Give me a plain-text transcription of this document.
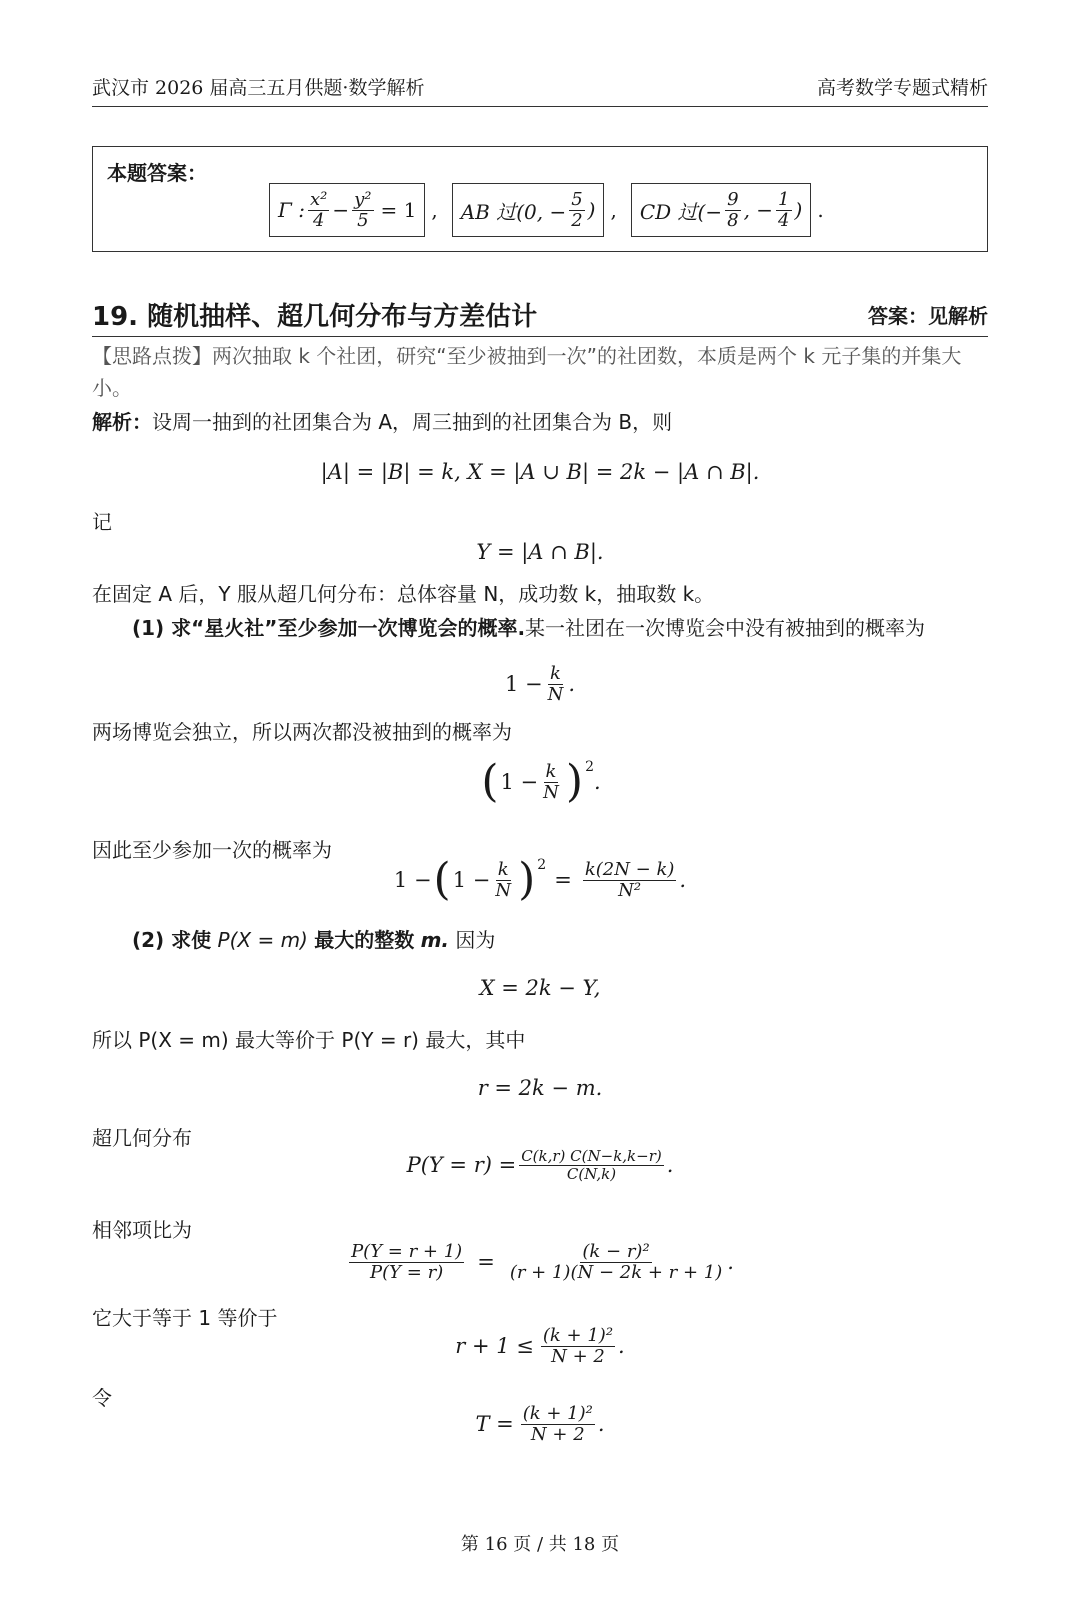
武汉市 2026 届高三五月供题·数学解析	高考数学专题式精析
本题答案：
Γ : $\frac{\text{x²}}{4} - \frac{\text{y²}}{5} = 1$ , AB 过(0, − $\frac{5}{2}$ ) , CD 过(− $\frac{9}{8}$ , − $\frac{1}{4}$ ) .
19. 随机抽样、超几何分布与方差估计	答案：见解析
【思路点拨】两次抽取 k 个社团，研究“至少被抽到一次”的社团数，本质是两个 k 元子集的并集大小。
解析：设周一抽到的社团集合为 A，周三抽到的社团集合为 B，则
|A| = |B| = k, X = |A ∪ B| = 2k − |A ∩ B|.
记
Y = |A ∩ B|.
在固定 A 后，Y 服从超几何分布：总体容量 N，成功数 k，抽取数 k。
(1) 求“星火社”至少参加一次博览会的概率.某一社团在一次博览会中没有被抽到的概率为
$1 - \frac{k}{N}$ .
两场博览会独立，所以两次都没被抽到的概率为
( $1 - \frac{k}{N}$ ) 2
.
因此至少参加一次的概率为
1 − ( $1 - \frac{k}{N}$ ) 2
= $\frac{k(2N - k)}{\text{N²}}$ .
(2) 求使 P(X = m) 最大的整数 m. 因为
X = 2k − Y,
所以 P(X = m) 最大等价于 P(Y = r) 最大，其中
r = 2k − m.
超几何分布
$P(Y = r) = \frac{C(k,r) C(N-k,k-r)}{C(N,k)}$ .
相邻项比为
$\frac{P(Y = r + 1)}{P(Y = r)} = \frac{\text{(k − r)²}}{(r + 1)(N - 2k + r + 1)}$ .
它大于等于 1 等价于
$r + 1 \le \frac{\text{(k + 1)²}}{N + 2}$ .
令
$T = \frac{\text{(k + 1)²}}{N + 2}$ .
第 16 页 / 共 18 页
